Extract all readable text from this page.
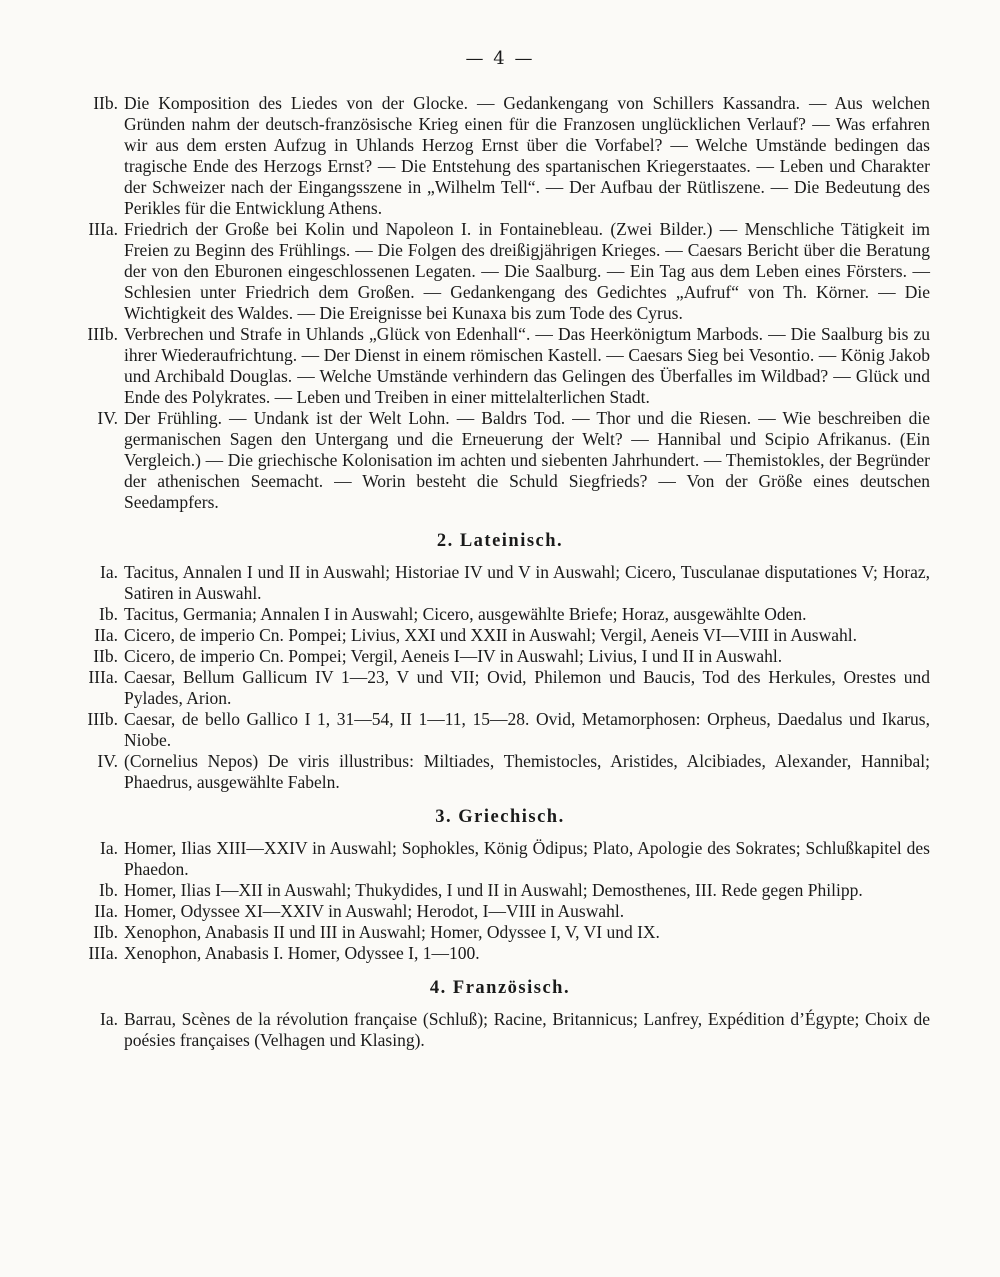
— 4 —
IIb. Die Komposition des Liedes von der Glocke. — Gedankengang von Schillers Kassandra. — Aus welchen Gründen nahm der deutsch-französische Krieg einen für die Franzosen unglücklichen Verlauf? — Was erfahren wir aus dem ersten Aufzug in Uhlands Herzog Ernst über die Vorfabel? — Welche Umstände bedingen das tragische Ende des Herzogs Ernst? — Die Entstehung des spartanischen Kriegerstaates. — Leben und Charakter der Schweizer nach der Eingangsszene in „Wilhelm Tell“. — Der Aufbau der Rütliszene. — Die Bedeutung des Perikles für die Entwicklung Athens.
IIIa. Friedrich der Große bei Kolin und Napoleon I. in Fontainebleau. (Zwei Bilder.) — Menschliche Tätigkeit im Freien zu Beginn des Frühlings. — Die Folgen des dreißigjährigen Krieges. — Caesars Bericht über die Beratung der von den Eburonen eingeschlossenen Legaten. — Die Saalburg. — Ein Tag aus dem Leben eines Försters. — Schlesien unter Friedrich dem Großen. — Gedankengang des Gedichtes „Aufruf“ von Th. Körner. — Die Wichtigkeit des Waldes. — Die Ereignisse bei Kunaxa bis zum Tode des Cyrus.
IIIb. Verbrechen und Strafe in Uhlands „Glück von Edenhall“. — Das Heerkönigtum Marbods. — Die Saalburg bis zu ihrer Wiederaufrichtung. — Der Dienst in einem römischen Kastell. — Caesars Sieg bei Vesontio. — König Jakob und Archibald Douglas. — Welche Umstände verhindern das Gelingen des Überfalles im Wildbad? — Glück und Ende des Polykrates. — Leben und Treiben in einer mittelalterlichen Stadt.
IV. Der Frühling. — Undank ist der Welt Lohn. — Baldrs Tod. — Thor und die Riesen. — Wie beschreiben die germanischen Sagen den Untergang und die Erneuerung der Welt? — Hannibal und Scipio Afrikanus. (Ein Vergleich.) — Die griechische Kolonisation im achten und siebenten Jahrhundert. — Themistokles, der Begründer der athenischen Seemacht. — Worin besteht die Schuld Siegfrieds? — Von der Größe eines deutschen Seedampfers.
2. Lateinisch.
Ia. Tacitus, Annalen I und II in Auswahl; Historiae IV und V in Auswahl; Cicero, Tusculanae disputationes V; Horaz, Satiren in Auswahl.
Ib. Tacitus, Germania; Annalen I in Auswahl; Cicero, ausgewählte Briefe; Horaz, ausgewählte Oden.
IIa. Cicero, de imperio Cn. Pompei; Livius, XXI und XXII in Auswahl; Vergil, Aeneis VI—VIII in Auswahl.
IIb. Cicero, de imperio Cn. Pompei; Vergil, Aeneis I—IV in Auswahl; Livius, I und II in Auswahl.
IIIa. Caesar, Bellum Gallicum IV 1—23, V und VII; Ovid, Philemon und Baucis, Tod des Herkules, Orestes und Pylades, Arion.
IIIb. Caesar, de bello Gallico I 1, 31—54, II 1—11, 15—28. Ovid, Metamorphosen: Orpheus, Daedalus und Ikarus, Niobe.
IV. (Cornelius Nepos) De viris illustribus: Miltiades, Themistocles, Aristides, Alcibiades, Alexander, Hannibal; Phaedrus, ausgewählte Fabeln.
3. Griechisch.
Ia. Homer, Ilias XIII—XXIV in Auswahl; Sophokles, König Ödipus; Plato, Apologie des Sokrates; Schlußkapitel des Phaedon.
Ib. Homer, Ilias I—XII in Auswahl; Thukydides, I und II in Auswahl; Demosthenes, III. Rede gegen Philipp.
IIa. Homer, Odyssee XI—XXIV in Auswahl; Herodot, I—VIII in Auswahl.
IIb. Xenophon, Anabasis II und III in Auswahl; Homer, Odyssee I, V, VI und IX.
IIIa. Xenophon, Anabasis I. Homer, Odyssee I, 1—100.
4. Französisch.
Ia. Barrau, Scènes de la révolution française (Schluß); Racine, Britannicus; Lanfrey, Expédition d’Égypte; Choix de poésies françaises (Velhagen und Klasing).
